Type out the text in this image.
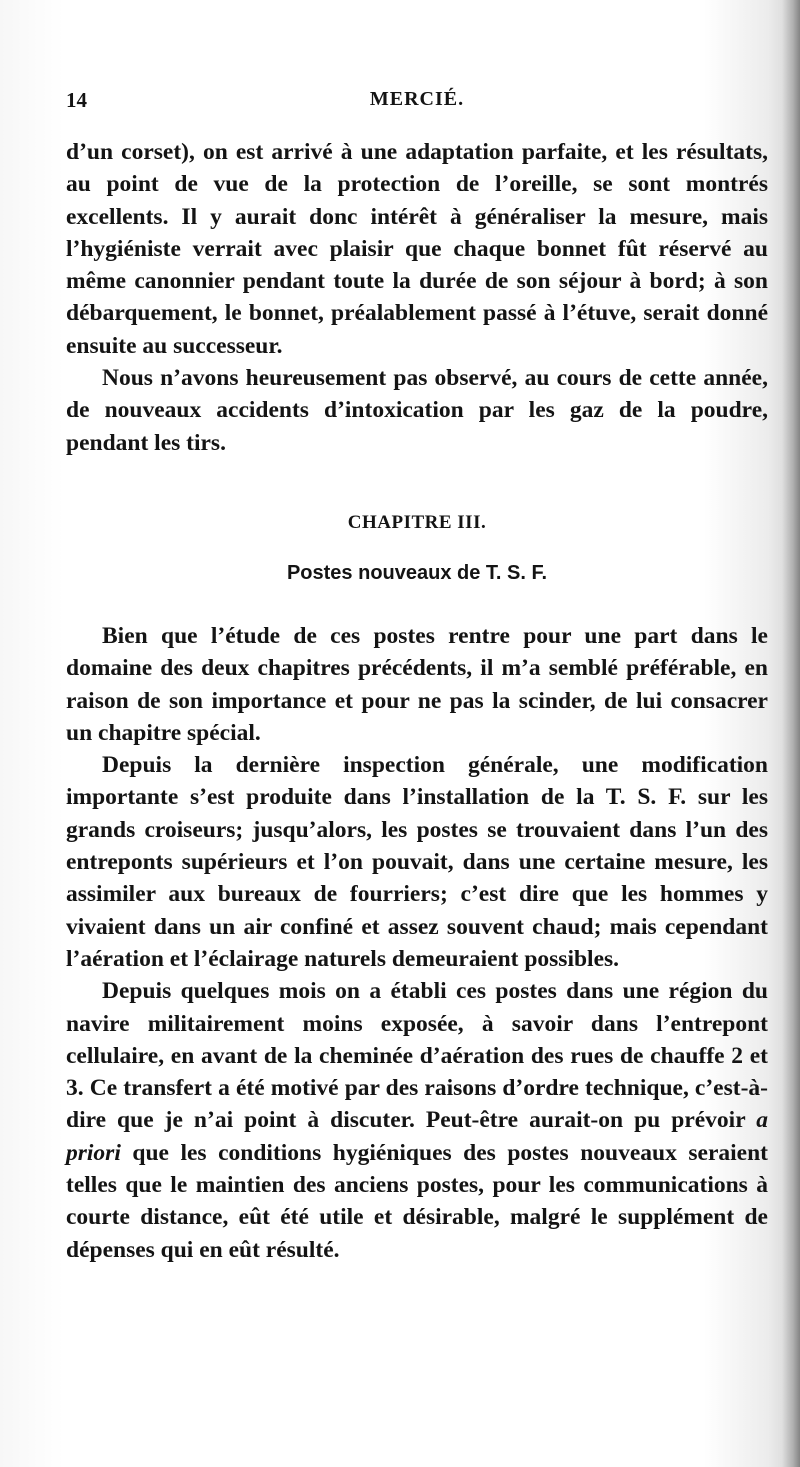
14	MERCIÉ.

d’un corset), on est arrivé à une adaptation parfaite, et les résultats, au point de vue de la protection de l’oreille, se sont montrés excellents. Il y aurait donc intérêt à généraliser la mesure, mais l’hygiéniste verrait avec plaisir que chaque bonnet fût réservé au même canonnier pendant toute la durée de son séjour à bord; à son débarquement, le bonnet, préalablement passé à l’étuve, serait donné ensuite au successeur.

Nous n’avons heureusement pas observé, au cours de cette année, de nouveaux accidents d’intoxication par les gaz de la poudre, pendant les tirs.

CHAPITRE III.
Postes nouveaux de T. S. F.

Bien que l’étude de ces postes rentre pour une part dans le domaine des deux chapitres précédents, il m’a semblé préférable, en raison de son importance et pour ne pas la scinder, de lui consacrer un chapitre spécial.

Depuis la dernière inspection générale, une modification importante s’est produite dans l’installation de la T. S. F. sur les grands croiseurs; jusqu’alors, les postes se trouvaient dans l’un des entreponts supérieurs et l’on pouvait, dans une certaine mesure, les assimiler aux bureaux de fourriers; c’est dire que les hommes y vivaient dans un air confiné et assez souvent chaud; mais cependant l’aération et l’éclairage naturels demeuraient possibles.

Depuis quelques mois on a établi ces postes dans une région du navire militairement moins exposée, à savoir dans l’entrepont cellulaire, en avant de la cheminée d’aération des rues de chauffe 2 et 3. Ce transfert a été motivé par des raisons d’ordre technique, c’est-à-dire que je n’ai point à discuter. Peut-être aurait-on pu prévoir a priori que les conditions hygiéniques des postes nouveaux seraient telles que le maintien des anciens postes, pour les communications à courte distance, eût été utile et désirable, malgré le supplément de dépenses qui en eût résulté.
